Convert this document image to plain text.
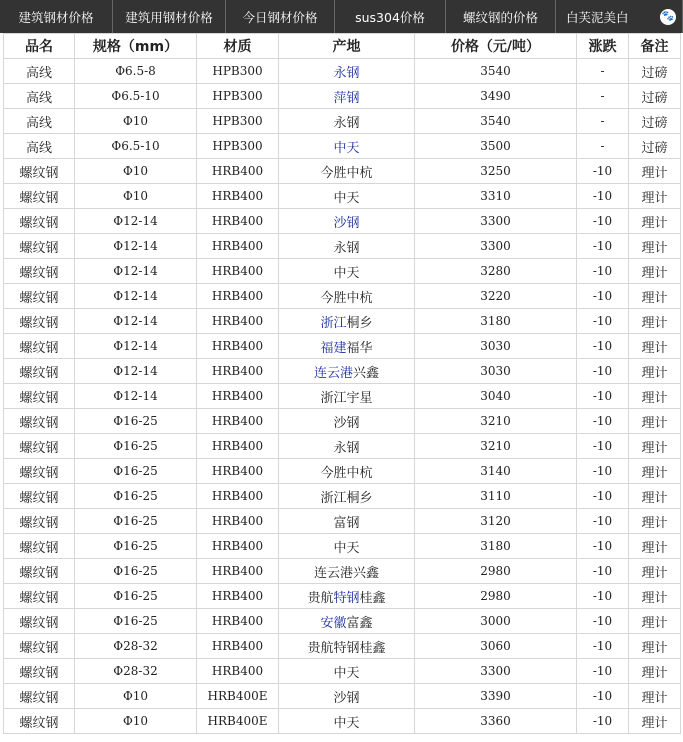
建筑钢材价格	建筑用钢材价格	今日钢材价格	sus304价格	螺纹钢的价格	白芙泥美白	🐾
品名	规格（mm）	材质	产地	价格（元/吨）	涨跌	备注
高线	Φ6.5-8	HPB300	永钢	3540	-	过磅
高线	Φ6.5-10	HPB300	萍钢	3490	-	过磅
高线	Φ10	HPB300	永钢	3540	-	过磅
高线	Φ6.5-10	HPB300	中天	3500	-	过磅
螺纹钢	Φ10	HRB400	今胜中杭	3250	-10	理计
螺纹钢	Φ10	HRB400	中天	3310	-10	理计
螺纹钢	Φ12-14	HRB400	沙钢	3300	-10	理计
螺纹钢	Φ12-14	HRB400	永钢	3300	-10	理计
螺纹钢	Φ12-14	HRB400	中天	3280	-10	理计
螺纹钢	Φ12-14	HRB400	今胜中杭	3220	-10	理计
螺纹钢	Φ12-14	HRB400	浙江桐乡	3180	-10	理计
螺纹钢	Φ12-14	HRB400	福建福华	3030	-10	理计
螺纹钢	Φ12-14	HRB400	连云港兴鑫	3030	-10	理计
螺纹钢	Φ12-14	HRB400	浙江宇星	3040	-10	理计
螺纹钢	Φ16-25	HRB400	沙钢	3210	-10	理计
螺纹钢	Φ16-25	HRB400	永钢	3210	-10	理计
螺纹钢	Φ16-25	HRB400	今胜中杭	3140	-10	理计
螺纹钢	Φ16-25	HRB400	浙江桐乡	3110	-10	理计
螺纹钢	Φ16-25	HRB400	富钢	3120	-10	理计
螺纹钢	Φ16-25	HRB400	中天	3180	-10	理计
螺纹钢	Φ16-25	HRB400	连云港兴鑫	2980	-10	理计
螺纹钢	Φ16-25	HRB400	贵航特钢桂鑫	2980	-10	理计
螺纹钢	Φ16-25	HRB400	安徽富鑫	3000	-10	理计
螺纹钢	Φ28-32	HRB400	贵航特钢桂鑫	3060	-10	理计
螺纹钢	Φ28-32	HRB400	中天	3300	-10	理计
螺纹钢	Φ10	HRB400E	沙钢	3390	-10	理计
螺纹钢	Φ10	HRB400E	中天	3360	-10	理计
